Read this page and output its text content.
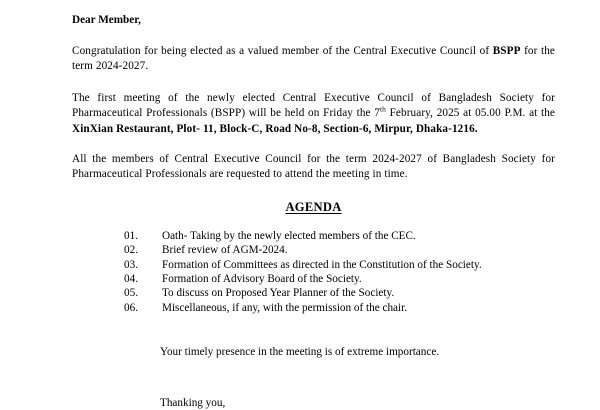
Dear Member,

Congratulation for being elected as a valued member of the Central Executive Council of BSPP for the term 2024-2027.

The first meeting of the newly elected Central Executive Council of Bangladesh Society for Pharmaceutical Professionals (BSPP) will be held on Friday the 7th February, 2025 at 05.00 P.M. at the XinXian Restaurant, Plot- 11, Block-C, Road No-8, Section-6, Mirpur, Dhaka-1216.

All the members of Central Executive Council for the term 2024-2027 of Bangladesh Society for Pharmaceutical Professionals are requested to attend the meeting in time.

AGENDA
01.	Oath- Taking by the newly elected members of the CEC.
02.	Brief review of AGM-2024.
03.	Formation of Committees as directed in the Constitution of the Society.
04.	Formation of Advisory Board of the Society.
05.	To discuss on Proposed Year Planner of the Society.
06.	Miscellaneous, if any, with the permission of the chair.

Your timely presence in the meeting is of extreme importance.

Thanking you,
